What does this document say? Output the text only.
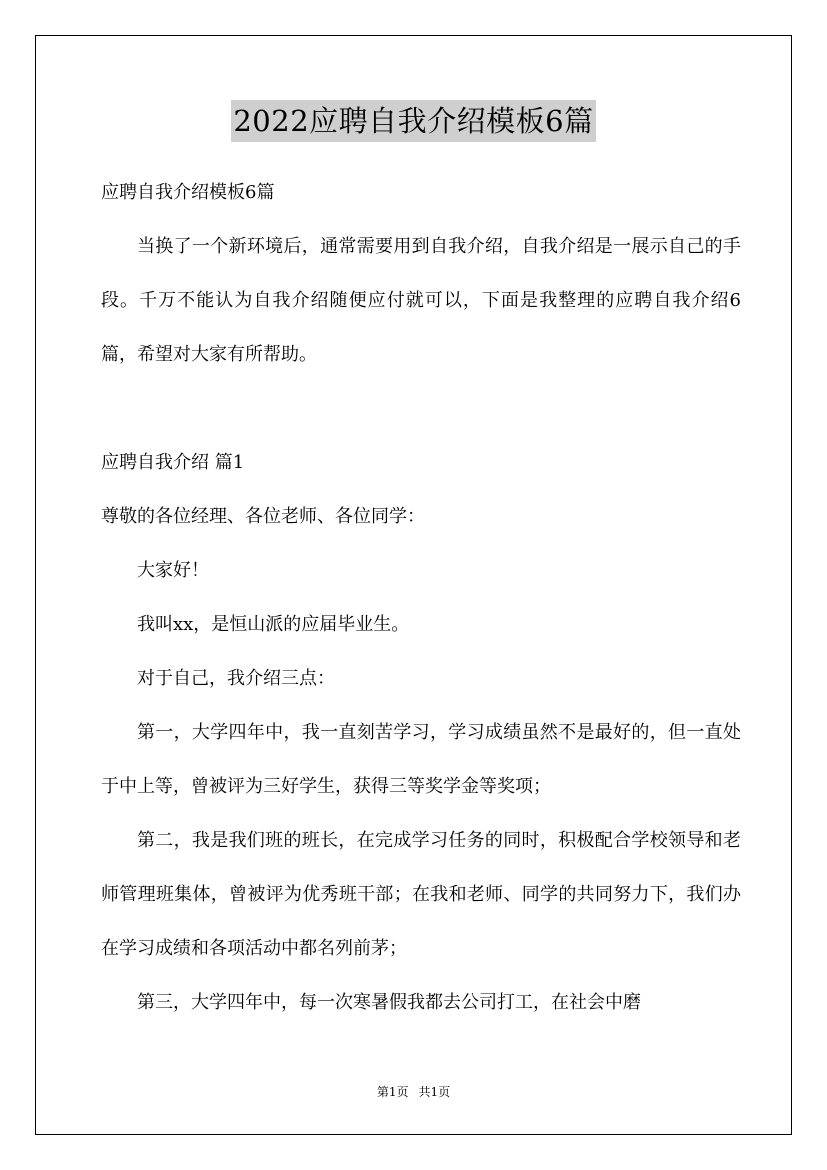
2022应聘自我介绍模板6篇

应聘自我介绍模板6篇

当换了一个新环境后，通常需要用到自我介绍，自我介绍是一展示自己的手段。千万不能认为自我介绍随便应付就可以，下面是我整理的应聘自我介绍6篇，希望对大家有所帮助。

应聘自我介绍 篇1

尊敬的各位经理、各位老师、各位同学：

大家好！

我叫xx，是恒山派的应届毕业生。

对于自己，我介绍三点：

第一，大学四年中，我一直刻苦学习，学习成绩虽然不是最好的，但一直处于中上等，曾被评为三好学生，获得三等奖学金等奖项；

第二，我是我们班的班长，在完成学习任务的同时，积极配合学校领导和老师管理班集体，曾被评为优秀班干部；在我和老师、同学的共同努力下，我们办在学习成绩和各项活动中都名列前茅；

第三，大学四年中，每一次寒暑假我都去公司打工，在社会中磨

第1页 共1页
